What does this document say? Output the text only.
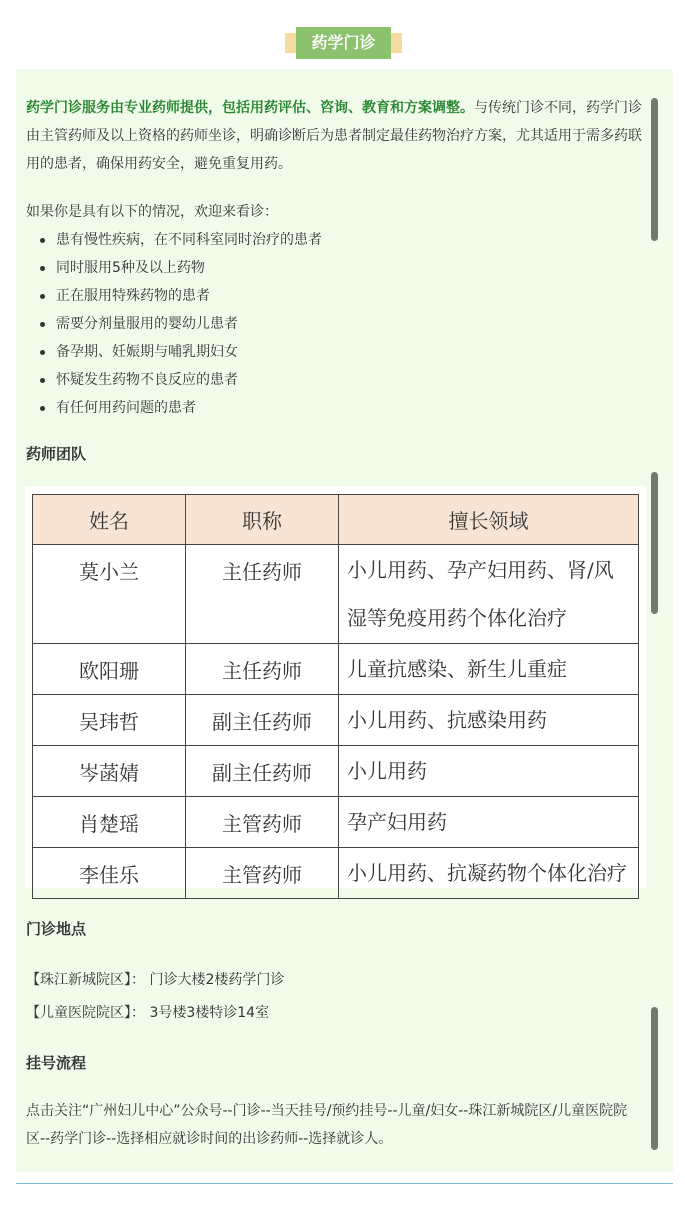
药学门诊
药学门诊服务由专业药师提供，包括用药评估、咨询、教育和方案调整。与传统门诊不同，药学门诊由主管药师及以上资格的药师坐诊，明确诊断后为患者制定最佳药物治疗方案，尤其适用于需多药联用的患者，确保用药安全，避免重复用药。
如果你是具有以下的情况，欢迎来看诊：
患有慢性疾病，在不同科室同时治疗的患者
同时服用5种及以上药物
正在服用特殊药物的患者
需要分剂量服用的婴幼儿患者
备孕期、妊娠期与哺乳期妇女
怀疑发生药物不良反应的患者
有任何用药问题的患者
药师团队
姓名	职称	擅长领域
莫小兰	主任药师	小儿用药、孕产妇用药、肾/风湿等免疫用药个体化治疗
欧阳珊	主任药师	儿童抗感染、新生儿重症
吴玮哲	副主任药师	小儿用药、抗感染用药
岑菡婧	副主任药师	小儿用药
肖楚瑶	主管药师	孕产妇用药
李佳乐	主管药师	小儿用药、抗凝药物个体化治疗
门诊地点
【珠江新城院区】： 门诊大楼2楼药学门诊
【儿童医院院区】： 3号楼3楼特诊14室
挂号流程
点击关注“广州妇儿中心”公众号--门诊--当天挂号/预约挂号--儿童/妇女--珠江新城院区/儿童医院院区--药学门诊--选择相应就诊时间的出诊药师--选择就诊人。
